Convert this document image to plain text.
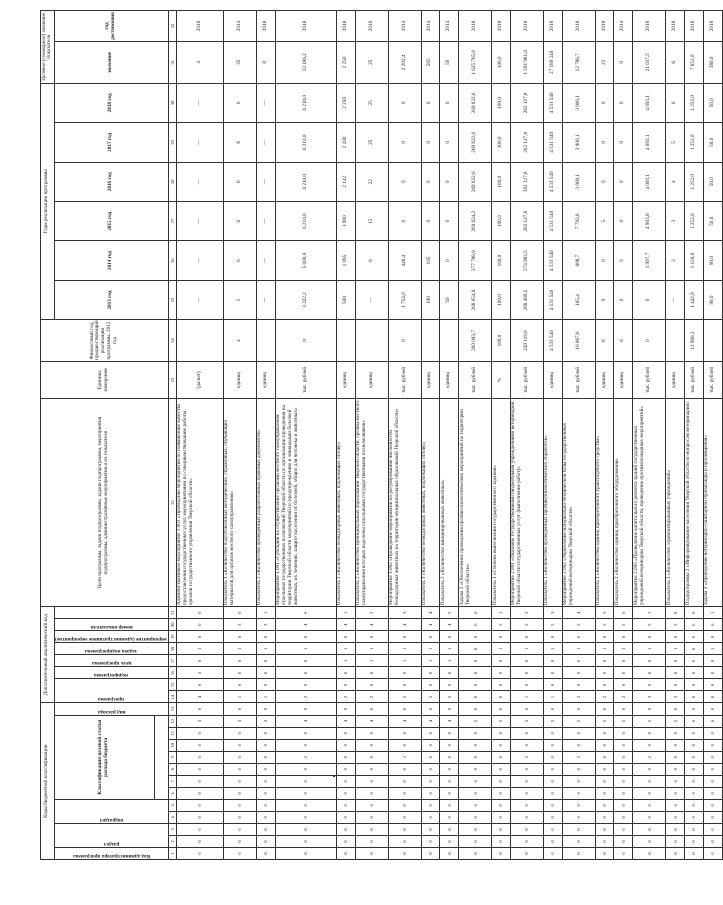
Коды бюджетной классификации													Дополнительный аналитический код								Цели программы, задачи подпрограммы, задачи подпрограммы, мероприятия подпрограммы, административные мероприятия и их показатели	Единица измерения	Финансовый год, предшествующий реализации программы, 2012 год	Годы реализации программы						Целевое (суммарное) значение показателя	

Код администратора программы	раздел		подраздел		Классификация целевой статьи расхода бюджета							вид расхода	программа		подпрограмма	цель программы	задача подпрограммы	мероприятие (административное мероприятие)	номер показателя					2013 год	2014 год	2015 год	2016 год	2017 год	2018 год	значение	год достижения

1	2	3	4	5	6	7	8	9	10	11	12	13	14	15	16	17	18	19	20	21	22	23	24	25	26	27	28	29	30	31	32
0	0	0	0	0	0	0	0	0	0	0	3	0	4	0	5	0	1	0	0	0	Административное мероприятие 1.003 «Проведение мероприятий по повышению качества предоставления государственных услуг, мероприятиями по совершенствованию работы органов государственного управления Тверской области»	(да/нет)		—	—	—	—	—	—	4	2018
0	0	0	0	0	0	0	0	0	0	0	3	0	1	0	0	0	1	0	3	0	Показатель 1 «Количество подготовленных методических, справочных, обучающих материалов для органов местного самоуправления»	единиц	4	5	6	6	6	6	6	35	2014
0	0	0	0	0	0	0	0	0	0	0	3	0	1	0	0	0	1	0	3	1	Показатель 2 «Количество проведенных разработанных правовых документов»	единиц		—	—	—	—	—	—	0	2018
0	8	0	0	0	0	0	0	2	0	0	4	0	2	0	0	0	1	0	4	0	Мероприятие 1.001 «Субсидии на осуществление органами местного самоуправления отдельных государственных полномочий Тверской области по организации проведения на территории Тверской области мероприятий по предупреждению и ликвидации болезней животных, их лечению, защите населения от болезней, общих для человека и животных»	тыс. рублей	0	3 322,2	5 000,0	6 210,0	6 210,0	6 210,0	6 210,0	33 186,2	2018
0	0	0	0	0	0	0	0	0	0	0	4	0	2	0	0	1	1	0	4	1	Показатель 1 «Количество безнадзорных животных, подлежащих отлову»	единиц		500	1 095	1 900	2 142	2 200	2 250	2 250	2018
0	0	0	0	0	0	0	0	0	0	0	4	0	2	0	0	1	1	0	4	2	Показатель 2 «Количество муниципальных образований Тверской области, органы местного самоуправления которых наделены отдельными государственными полномочиями»	единиц		—	6	15	22	25	25	25	2018
0	8	0	0	0	0	0	0	2	0	0	4	0	5	0	0	1	1	0	4	3	Мероприятие 1.002 «Проведение мероприятий по регулированию численности безнадзорных животных на территории муниципальных образований Тверской области»	тыс. рублей	0	1 754,0	448,4	0	0	0	0	2 202,4	2014
0	0	0	0	0	0	0	0	0	0	0	4	0	5	0	0	1	1	0	4	4	Показатель 1 «Количество безнадзорных животных, подлежащих отлову»	единиц		100	105	0	0	0	0	505	2014
0	0	0	0	0	0	0	0	0	0	0	4	0	5	0	0	1	1	0	4	5	Показатель 2 «Количество вакцинированных животных»	единиц		50	0	0	0	0	0	50	2014
0	0	0	0	0	0	0	0	0	0	0	5	0	0	0	0	0	0	0	0	0	Задача 2 «Обеспечение проведения противоэпизоотических мероприятий на территории Тверской области»	тыс. рублей	260 093,7	268 654,9	277 788,9	269 824,2	269 832,6	269 832,6	269 832,6	1 625 765,8	2018
0	0	0	0	0	0	0	0	0	0	0	5	0	0	0	0	0	1	0	5	1	Показатель 1 «Степень выполнения государственного задания»	%	100,0	100,0	100,0	100,0	100,0	100,0	100,0	100,0	2018
0	8	0	0	0	0	0	0	2	0	0	5	0	1	0	0	0	1	0	5	2	Мероприятие 2.001 «Оказание государственными бюджетными учреждениями ветеринарии Тверской области государственных услуг (выполнение работ)»	тыс. рублей	249 119,8	268 489,5	274 982,5	262 127,8	262 127,8	262 127,8	262 127,8	1 591 981,0	2018
0	0	0	0	0	0	0	0	0	0	0	5	0	1	0	0	0	1	0	5	3	Показатель 1 «Количество проведенных противоэпизоотических обработок»	единиц	4 531 540	4 531 540	4 531 540	4 531 540	4 531 540	4 531 540	4 531 540	27 189 240	2018
0	8	0	0	0	0	0	0	2	0	0	5	0	2	0	0	0	1	0	5	4	Мероприятие 2.002 «Укрепление материально-технической базы государственных учреждений ветеринарии Тверской области»	тыс. рублей	10 967,8	165,4	808,7	7 792,8	3 900,1	3 900,1	3 900,1	12 786,7	2018
0	0	0	0	0	0	0	0	0	0	0	5	0	2	0	0	0	1	0	5	5	Показатель 1 «Количество единиц приобретенного транспортного средства»	единиц	8	0	0	5	0	0	0	23	2018
0	0	0	0	0	0	0	0	0	0	0	5	0	2	0	0	0	1	0	5	6	Показатель 2 «Количество единиц приобретенного оборудования»	единиц	6	0	0	0	0	0	0	0	2014
0	8	0	0	0	0	0	0	2	0	0	5	0	3	0	0	0	1	0	5	7	Мероприятие 2.003 «Проведение капитального ремонта зданий государственных учреждений ветеринарии Тверской области, проведение противопожарных мероприятий»	тыс. рублей	0	0	1 997,7	4 903,6	4 093,1	4 093,1	4 093,1	21 037,5	2018
0	0	0	0	0	0	0	0	0	0	0	5	0	3	0	0	0	1	0	5	8	Показатель 1 «Количество отремонтированных учреждений»	единиц		—	2	3	4	5	6	6	2018
0	0	0	0	0	0	0	0	0	0	0	6	0	0	0	0	0	0	0	0	0	Подпрограмма 2 «Информирование населения Тверской области по вопросам ветеринарии»	тыс. рублей	12 960,2	1 442,9	1 150,0	1 252,0	1 252,0	1 252,0	1 252,0	7 852,0	2018
0	0	0	0	0	0	0	0	0	0	0	6	0	0	0	0	0	1	0	6	1	Задача 1 «Проведение ветеринарно-санитарной пропаганды и просвещения»	тыс. рублей		90,0	90,0	50,0	50,0	50,0	50,0	380,0	2018
